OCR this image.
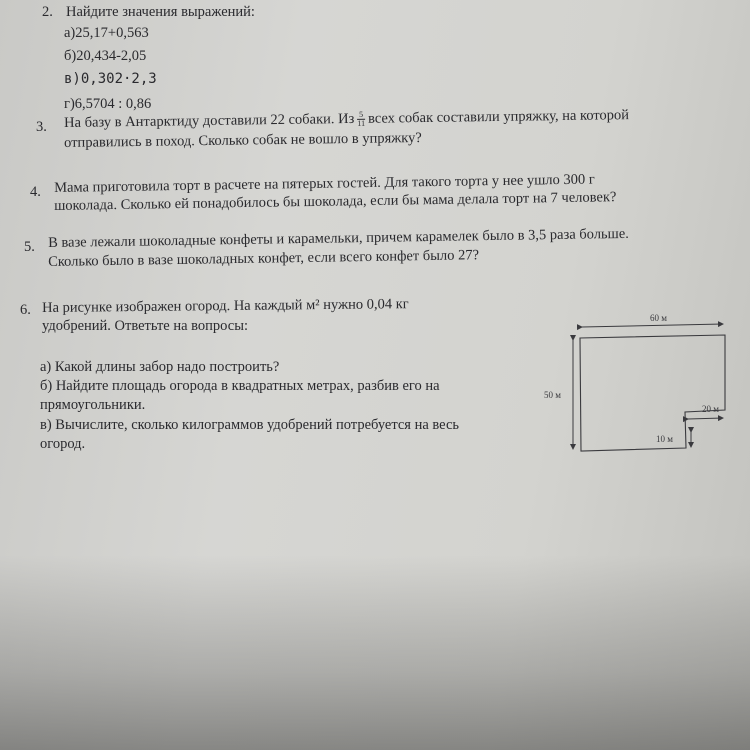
2. Найдите значения выражений:
а)25,17+0,563
б)20,434-2,05
в)0,302·2,3
г)6,5704 : 0,86
3. На базу в Антарктиду доставили 22 собаки. Из $\frac{5}{11}$ всех собак составили упряжку, на которой
отправились в поход. Сколько собак не вошло в упряжку?
4. Мама приготовила торт в расчете на пятерых гостей. Для такого торта у нее ушло 300 г
шоколада. Сколько ей понадобилось бы шоколада, если бы мама делала торт на 7 человек?
5. В вазе лежали шоколадные конфеты и карамельки, причем карамелек было в 3,5 раза больше.
Сколько было в вазе шоколадных конфет, если всего конфет было 27?
6. На рисунке изображен огород. На каждый м² нужно 0,04 кг
удобрений. Ответьте на вопросы:
а) Какой длины забор надо построить?
б) Найдите площадь огорода в квадратных метрах, разбив его на
прямоугольники.
в) Вычислите, сколько килограммов удобрений потребуется на весь
огород.
60 м
50 м
20 м
10 м
